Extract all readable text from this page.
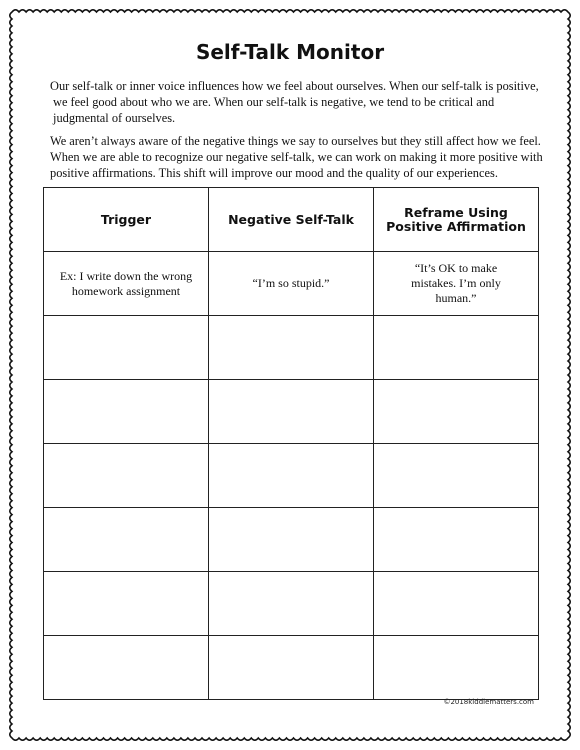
Self-Talk Monitor
Our self-talk or inner voice influences how we feel about ourselves. When our self-talk is positive,
we feel good about who we are. When our self-talk is negative, we tend to be critical and
judgmental of ourselves.
We aren’t always aware of the negative things we say to ourselves but they still affect how we feel.
When we are able to recognize our negative self-talk, we can work on making it more positive with
positive affirmations. This shift will improve our mood and the quality of our experiences.
Trigger	Negative Self-Talk	Reframe Using Positive Affirmation
Ex: I write down the wrong homework assignment	“I’m so stupid.”	“It’s OK to make mistakes. I’m only human.”

©2018kiddiematters.com
